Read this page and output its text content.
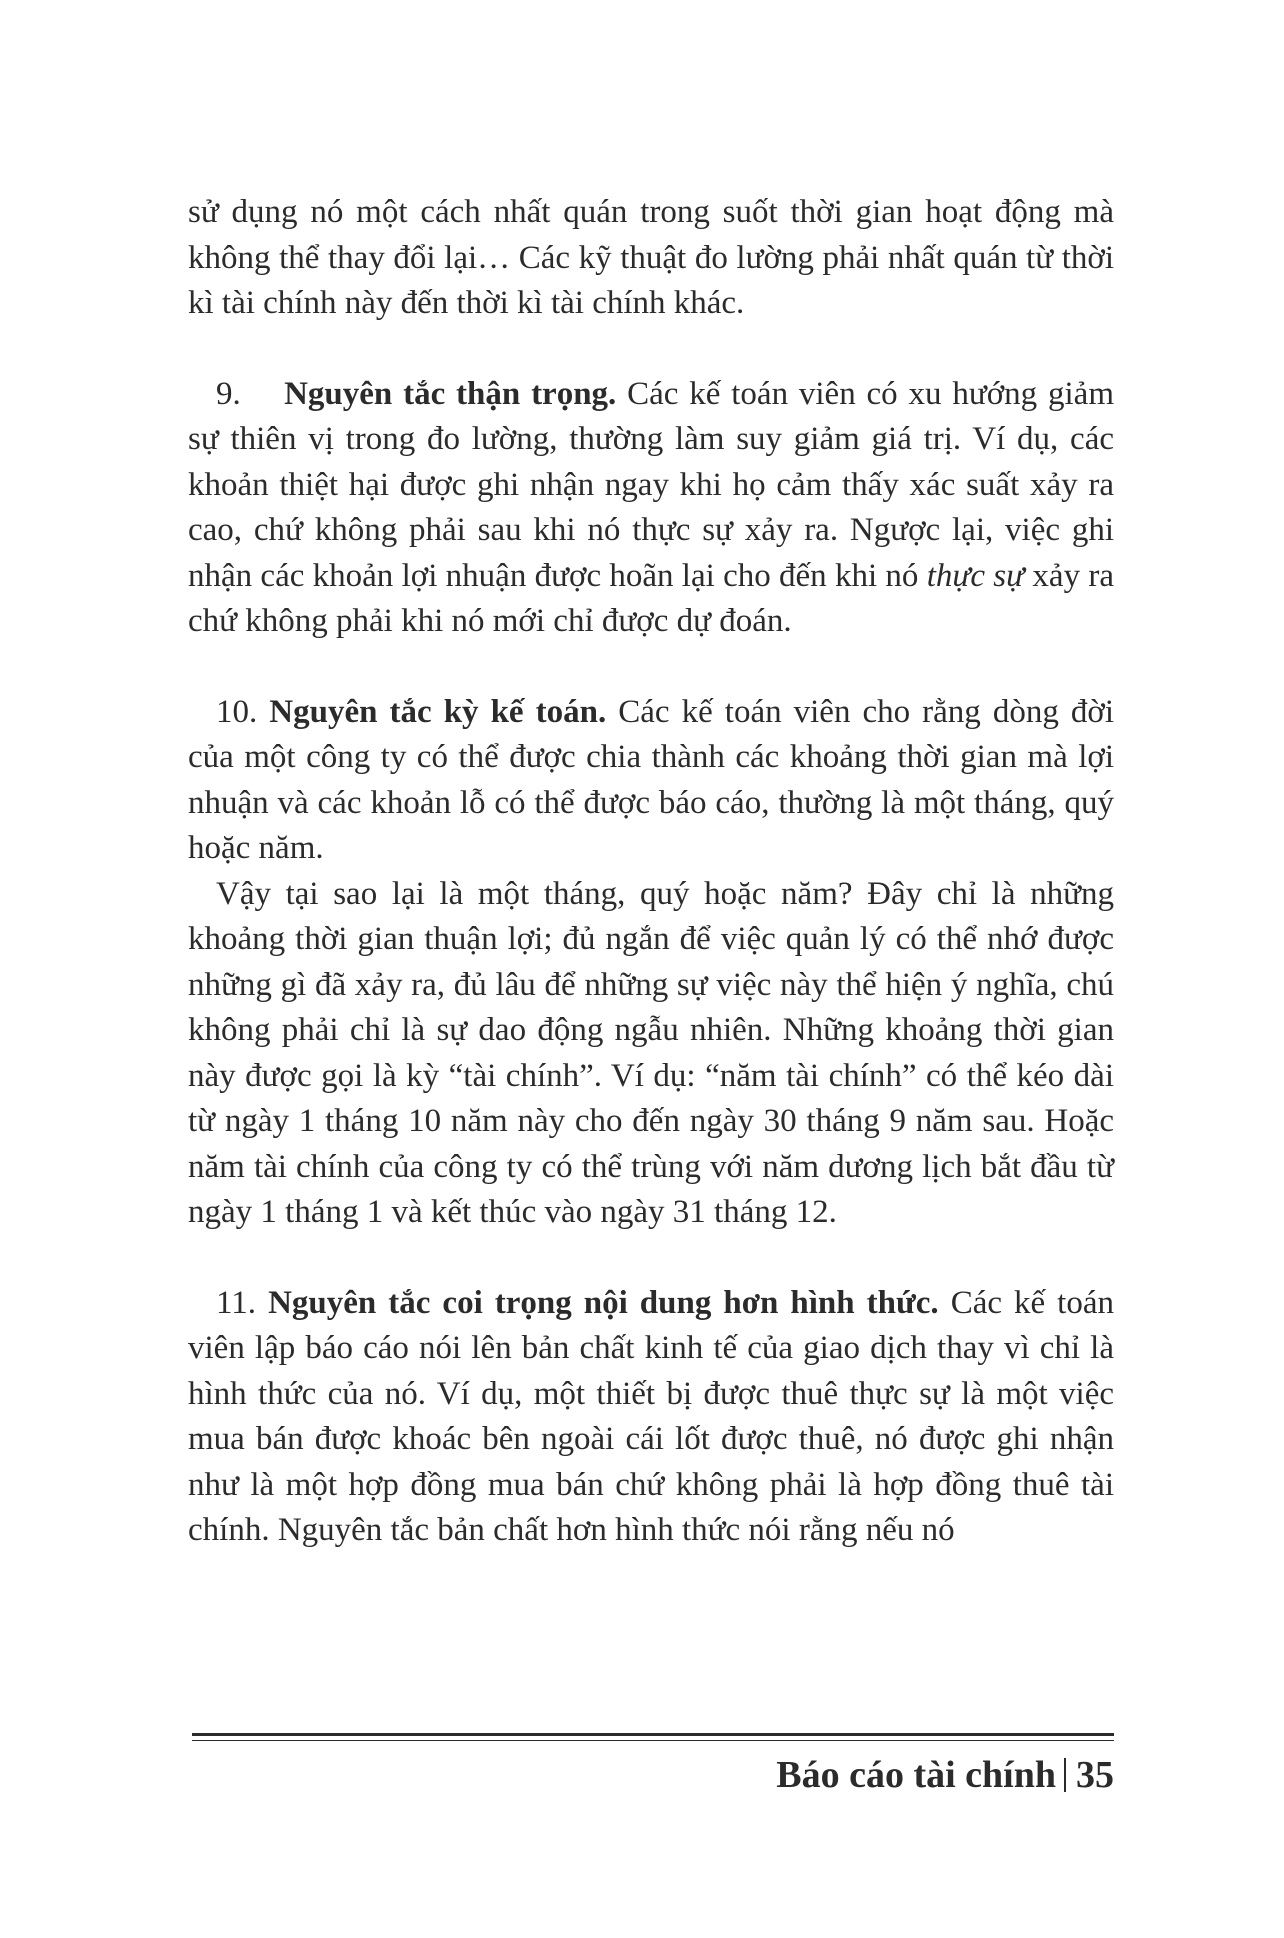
sử dụng nó một cách nhất quán trong suốt thời gian hoạt động mà không thể thay đổi lại… Các kỹ thuật đo lường phải nhất quán từ thời kì tài chính này đến thời kì tài chính khác.

9. Nguyên tắc thận trọng. Các kế toán viên có xu hướng giảm sự thiên vị trong đo lường, thường làm suy giảm giá trị. Ví dụ, các khoản thiệt hại được ghi nhận ngay khi họ cảm thấy xác suất xảy ra cao, chứ không phải sau khi nó thực sự xảy ra. Ngược lại, việc ghi nhận các khoản lợi nhuận được hoãn lại cho đến khi nó thực sự xảy ra chứ không phải khi nó mới chỉ được dự đoán.

10. Nguyên tắc kỳ kế toán. Các kế toán viên cho rằng dòng đời của một công ty có thể được chia thành các khoảng thời gian mà lợi nhuận và các khoản lỗ có thể được báo cáo, thường là một tháng, quý hoặc năm.

Vậy tại sao lại là một tháng, quý hoặc năm? Đây chỉ là những khoảng thời gian thuận lợi; đủ ngắn để việc quản lý có thể nhớ được những gì đã xảy ra, đủ lâu để những sự việc này thể hiện ý nghĩa, chú không phải chỉ là sự dao động ngẫu nhiên. Những khoảng thời gian này được gọi là kỳ “tài chính”. Ví dụ: “năm tài chính” có thể kéo dài từ ngày 1 tháng 10 năm này cho đến ngày 30 tháng 9 năm sau. Hoặc năm tài chính của công ty có thể trùng với năm dương lịch bắt đầu từ ngày 1 tháng 1 và kết thúc vào ngày 31 tháng 12.

11. Nguyên tắc coi trọng nội dung hơn hình thức. Các kế toán viên lập báo cáo nói lên bản chất kinh tế của giao dịch thay vì chỉ là hình thức của nó. Ví dụ, một thiết bị được thuê thực sự là một việc mua bán được khoác bên ngoài cái lốt được thuê, nó được ghi nhận như là một hợp đồng mua bán chứ không phải là hợp đồng thuê tài chính. Nguyên tắc bản chất hơn hình thức nói rằng nếu nó

Báo cáo tài chính 35
